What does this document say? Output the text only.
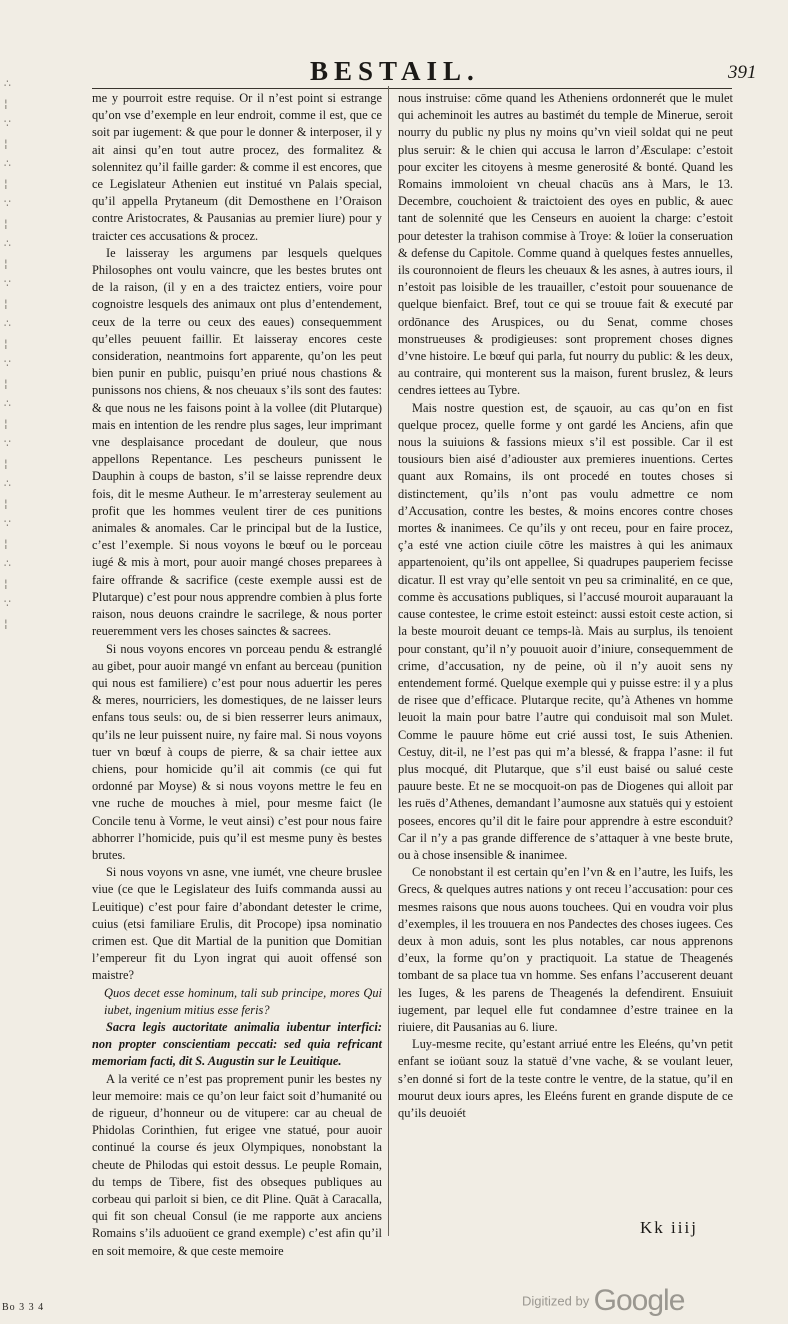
∴
¦
∵
¦
∴
¦
∵
¦
∴
¦
∵
¦
∴
¦
∵
¦
∴
¦
∵
¦
∴
¦
∵
¦
∴
¦
∵
¦
BESTAIL.	391

me y pourroit estre requise. Or il n’est point si estrange qu’on vse d’exemple en leur endroit, comme il est, que ce soit par iugement: & que pour le donner & interposer, il y ait ainsi qu’en tout autre procez, des formalitez & solennitez qu’il faille garder: & comme il est encores, que ce Legislateur Athenien eut institué vn Palais special, qu’il appella Prytaneum (dit Demosthene en l’Oraison contre Aristocrates, & Pausanias au premier liure) pour y traicter ces accusations & procez.

Ie laisseray les argumens par lesquels quelques Philosophes ont voulu vaincre, que les bestes brutes ont de la raison, (il y en a des traictez entiers, voire pour cognoistre lesquels des animaux ont plus d’entendement, ceux de la terre ou ceux des eaues) consequemment qu’elles peuuent faillir. Et laisseray encores ceste consideration, neantmoins fort apparente, qu’on les peut bien punir en public, puisqu’en priué nous chastions & punissons nos chiens, & nos cheuaux s’ils sont des fautes: & que nous ne les faisons point à la vollee (dit Plutarque) mais en intention de les rendre plus sages, leur imprimant vne desplaisance procedant de douleur, que nous appellons Repentance. Les pescheurs punissent le Dauphin à coups de baston, s’il se laisse reprendre deux fois, dit le mesme Autheur. Ie m’arresteray seulement au profit que les hommes veulent tirer de ces punitions animales & anomales. Car le principal but de la Iustice, c’est l’exemple. Si nous voyons le bœuf ou le porceau iugé & mis à mort, pour auoir mangé choses preparees à faire offrande & sacrifice (ceste exemple aussi est de Plutarque) c’est pour nous apprendre combien à plus forte raison, nous deuons craindre le sacrilege, & nous porter reueremment vers les choses sainctes & sacrees.

Si nous voyons encores vn porceau pendu & estranglé au gibet, pour auoir mangé vn enfant au berceau (punition qui nous est familiere) c’est pour nous aduertir les peres & meres, nourriciers, les domestiques, de ne laisser leurs enfans tous seuls: ou, de si bien resserrer leurs animaux, qu’ils ne leur puissent nuire, ny faire mal. Si nous voyons tuer vn bœuf à coups de pierre, & sa chair iettee aux chiens, pour homicide qu’il ait commis (ce qui fut ordonné par Moyse) & si nous voyons mettre le feu en vne ruche de mouches à miel, pour mesme faict (le Concile tenu à Vorme, le veut ainsi) c’est pour nous faire abhorrer l’homicide, puis qu’il est mesme puny ès bestes brutes.

Si nous voyons vn asne, vne iumét, vne cheure bruslee viue (ce que le Legislateur des Iuifs commanda aussi au Leuitique) c’est pour faire d’abondant detester le crime, cuius (etsi familiare Erulis, dit Procope) ipsa nominatio crimen est. Que dit Martial de la punition que Domitian l’empereur fit du Lyon ingrat qui auoit offensé son maistre?

Quos decet esse hominum, tali sub principe, mores Qui iubet, ingenium mitius esse feris?

Sacra legis auctoritate animalia iubentur interfici: non propter conscientiam peccati: sed quia refricant memoriam facti, dit S. Augustin sur le Leuitique.

A la verité ce n’est pas proprement punir les bestes ny leur memoire: mais ce qu’on leur faict soit d’humanité ou de rigueur, d’honneur ou de vitupere: car au cheual de Phidolas Corinthien, fut erigee vne statué, pour auoir continué la course és jeux Olympiques, nonobstant la cheute de Philodas qui estoit dessus. Le peuple Romain, du temps de Tibere, fist des obseques publiques au corbeau qui parloit si bien, ce dit Pline. Quāt à Caracalla, qui fit son cheual Consul (ie me rapporte aux anciens Romains s’ils aduoüent ce grand exemple) c’est afin qu’il en soit memoire, & que ceste memoire

nous instruise: cōme quand les Atheniens ordonnerét que le mulet qui acheminoit les autres au bastimét du temple de Minerue, seroit nourry du public ny plus ny moins qu’vn vieil soldat qui ne peut plus seruir: & le chien qui accusa le larron d’Æsculape: c’estoit pour exciter les citoyens à mesme generosité & bonté. Quand les Romains immoloient vn cheual chacūs ans à Mars, le 13. Decembre, couchoient & traictoient des oyes en public, & auec tant de solennité que les Censeurs en auoient la charge: c’estoit pour detester la trahison commise à Troye: & loüer la conseruation & defense du Capitole. Comme quand à quelques festes annuelles, ils couronnoient de fleurs les cheuaux & les asnes, à autres iours, il n’estoit pas loisible de les trauailler, c’estoit pour souuenance de quelque bienfaict. Bref, tout ce qui se trouue fait & executé par ordōnance des Aruspices, ou du Senat, comme choses monstrueuses & prodigieuses: sont proprement choses dignes d’vne histoire. Le bœuf qui parla, fut nourry du public: & les deux, au contraire, qui monterent sus la maison, furent bruslez, & leurs cendres iettees au Tybre.

Mais nostre question est, de sçauoir, au cas qu’on en fist quelque procez, quelle forme y ont gardé les Anciens, afin que nous la suiuions & fassions mieux s’il est possible. Car il est tousiours bien aisé d’adiouster aux premieres inuentions. Certes quant aux Romains, ils ont procedé en toutes choses si distinctement, qu’ils n’ont pas voulu admettre ce nom d’Accusation, contre les bestes, & moins encores contre choses mortes & inanimees. Ce qu’ils y ont receu, pour en faire procez, ç’a esté vne action ciuile cōtre les maistres à qui les animaux appartenoient, qu’ils ont appellee, Si quadrupes pauperiem fecisse dicatur. Il est vray qu’elle sentoit vn peu sa criminalité, en ce que, comme ès accusations publiques, si l’accusé mouroit auparauant la cause contestee, le crime estoit esteinct: aussi estoit ceste action, si la beste mouroit deuant ce temps-là. Mais au surplus, ils tenoient pour constant, qu’il n’y pouuoit auoir d’iniure, consequemment de crime, d’accusation, ny de peine, où il n’y auoit sens ny entendement formé. Quelque exemple qui y puisse estre: il y a plus de risee que d’efficace. Plutarque recite, qu’à Athenes vn homme leuoit la main pour batre l’autre qui conduisoit mal son Mulet. Comme le pauure hōme eut crié aussi tost, Ie suis Athenien. Cestuy, dit-il, ne l’est pas qui m’a blessé, & frappa l’asne: il fut plus mocqué, dit Plutarque, que s’il eust baisé ou salué ceste pauure beste. Et ne se mocquoit-on pas de Diogenes qui alloit par les ruës d’Athenes, demandant l’aumosne aux statuës qui y estoient posees, encores qu’il dit le faire pour apprendre à estre esconduit? Car il n’y a pas grande difference de s’attaquer à vne beste brute, ou à chose insensible & inanimee.

Ce nonobstant il est certain qu’en l’vn & en l’autre, les Iuifs, les Grecs, & quelques autres nations y ont receu l’accusation: pour ces mesmes raisons que nous auons touchees. Qui en voudra voir plus d’exemples, il les trouuera en nos Pandectes des choses iugees. Ces deux à mon aduis, sont les plus notables, car nous apprenons d’eux, la forme qu’on y practiquoit. La statue de Theagenés tombant de sa place tua vn homme. Ses enfans l’accuserent deuant les Iuges, & les parens de Theagenés la defendirent. Ensuiuit iugement, par lequel elle fut condamnee d’estre trainee en la riuiere, dit Pausanias au 6. liure.

Luy-mesme recite, qu’estant arriué entre les Eleéns, qu’vn petit enfant se ioüant souz la statuë d’vne vache, & se voulant leuer, s’en donné si fort de la teste contre le ventre, de la statue, qu’il en mourut deux iours apres, les Eleéns furent en grande dispute de ce qu’ils deuoiét

Kk iiij
Bo 3 3 4	Digitized by Google
